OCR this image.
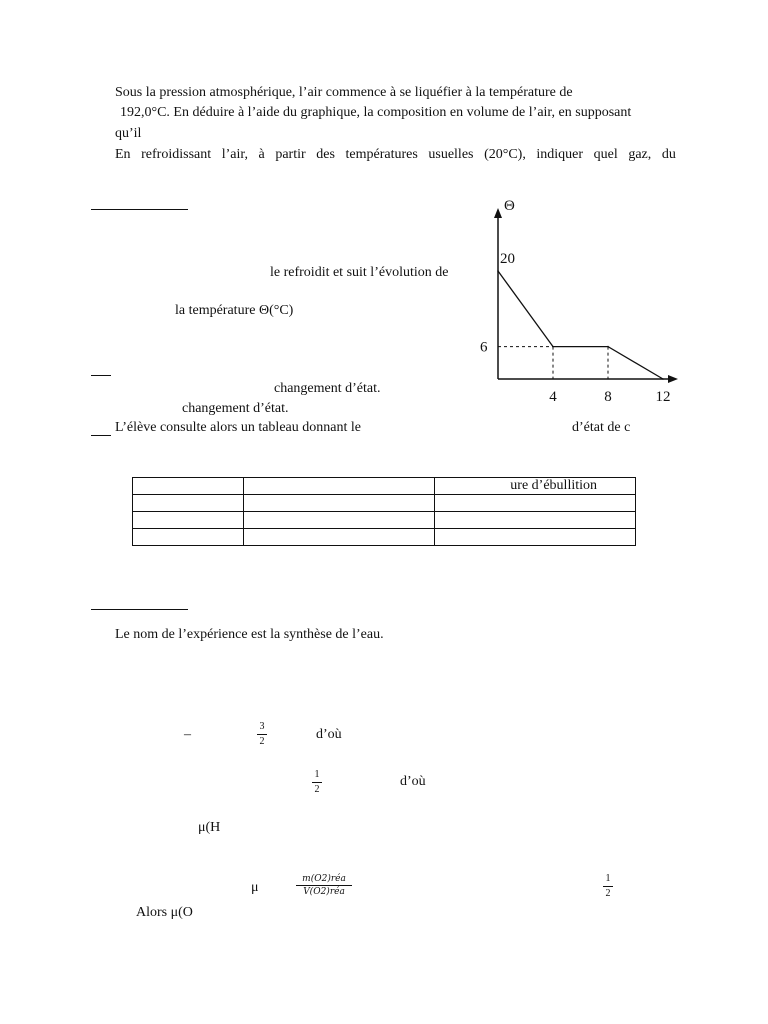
Sous la pression atmosphérique, l’air commence à se liquéfier à la température de
192,0°C. En déduire à l’aide du graphique, la composition en volume de l’air, en supposant
qu’il
En refroidissant l’air, à partir des températures usuelles (20°C), indiquer quel gaz, du
Θ
20
6
4	8	12
le refroidit et suit l’évolution de
la température Θ(°C)
changement d’état.
changement d’état.
L’élève consulte alors un tableau donnant le	d’état de c
		ure d’ébullition

Le nom de l’expérience est la synthèse de l’eau.
–
3
2	d’où
1
2
d’où
μ(H
μ
m(O2)réa
V(O2)réa
1
2
Alors μ(O
